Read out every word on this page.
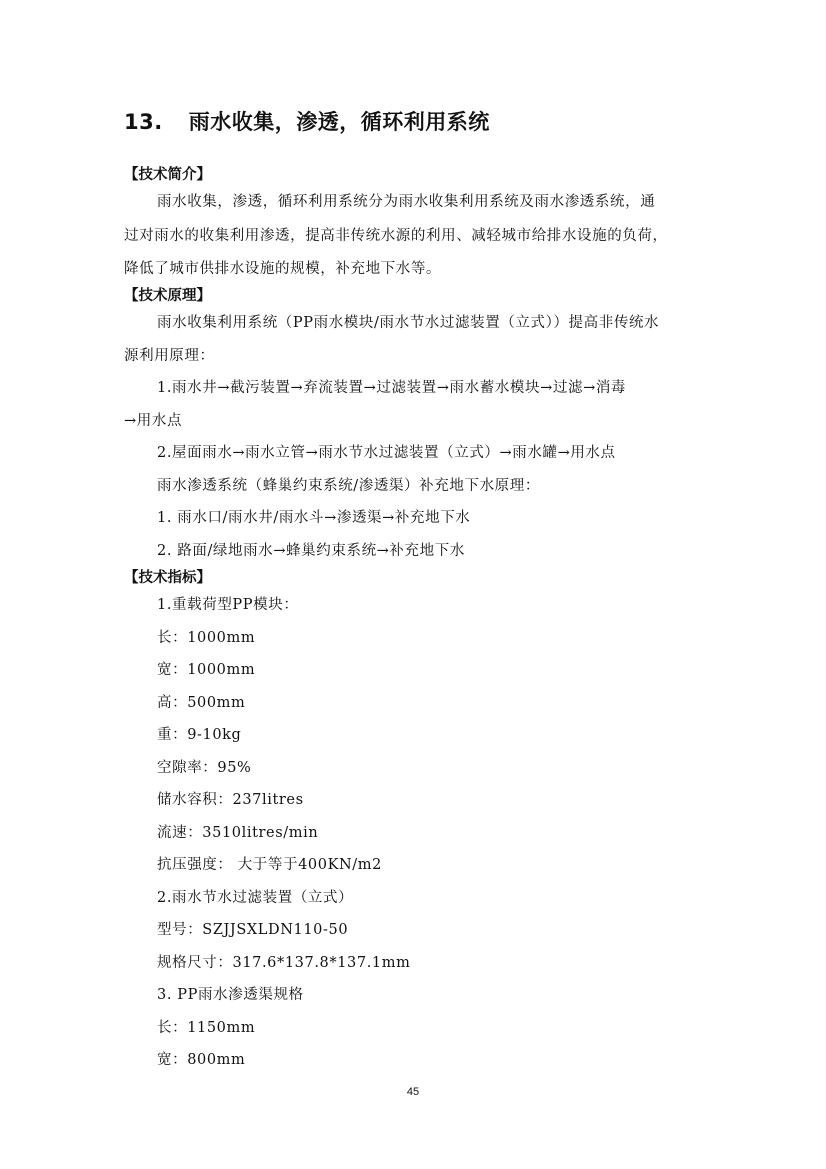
13. 雨水收集，渗透，循环利用系统
【技术简介】
雨水收集，渗透，循环利用系统分为雨水收集利用系统及雨水渗透系统，通
过对雨水的收集利用渗透，提高非传统水源的利用、减轻城市给排水设施的负荷，
降低了城市供排水设施的规模，补充地下水等。
【技术原理】
雨水收集利用系统（PP雨水模块/雨水节水过滤装置（立式））提高非传统水
源利用原理：
1.雨水井→截污装置→弃流装置→过滤装置→雨水蓄水模块→过滤→消毒
→用水点
2.屋面雨水→雨水立管→雨水节水过滤装置（立式）→雨水罐→用水点
雨水渗透系统（蜂巢约束系统/渗透渠）补充地下水原理：
1. 雨水口/雨水井/雨水斗→渗透渠→补充地下水
2. 路面/绿地雨水→蜂巢约束系统→补充地下水
【技术指标】
1.重载荷型PP模块：
长：1000mm
宽：1000mm
高：500mm
重：9-10kg
空隙率：95%
储水容积：237litres
流速：3510litres/min
抗压强度： 大于等于400KN/m2
2.雨水节水过滤装置（立式）
型号：SZJJSXLDN110-50
规格尺寸：317.6*137.8*137.1mm
3. PP雨水渗透渠规格
长：1150mm
宽：800mm
45
